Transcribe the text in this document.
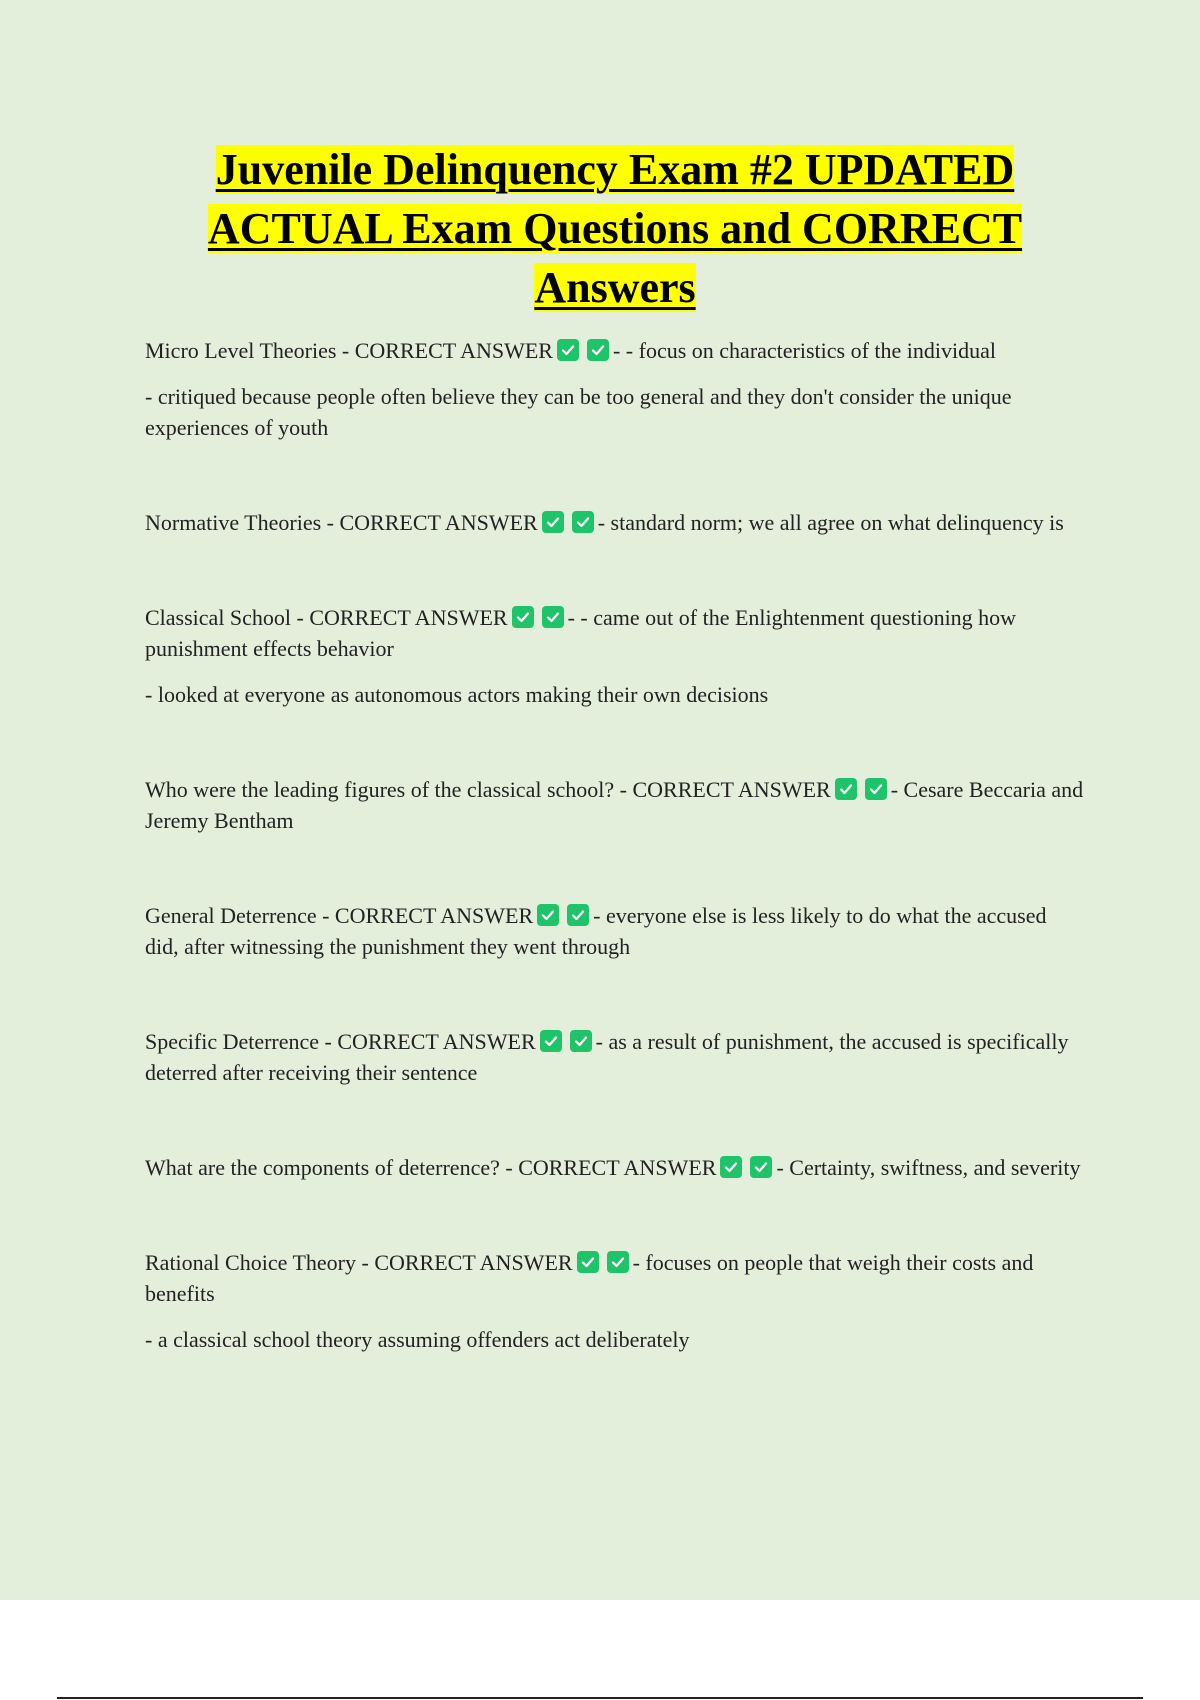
Juvenile Delinquency Exam #2 UPDATED
ACTUAL Exam Questions and CORRECT
Answers

Micro Level Theories - CORRECT ANSWER	- - focus on characteristics of the individual

- critiqued because people often believe they can be too general and they don't consider the unique experiences of youth

Normative Theories - CORRECT ANSWER	- standard norm; we all agree on what delinquency is

Classical School - CORRECT ANSWER	- - came out of the Enlightenment questioning how punishment effects behavior

- looked at everyone as autonomous actors making their own decisions

Who were the leading figures of the classical school? - CORRECT ANSWER	- Cesare Beccaria and Jeremy Bentham

General Deterrence - CORRECT ANSWER	- everyone else is less likely to do what the accused did, after witnessing the punishment they went through

Specific Deterrence - CORRECT ANSWER	- as a result of punishment, the accused is specifically deterred after receiving their sentence

What are the components of deterrence? - CORRECT ANSWER	- Certainty, swiftness, and severity

Rational Choice Theory - CORRECT ANSWER	- focuses on people that weigh their costs and benefits

- a classical school theory assuming offenders act deliberately
